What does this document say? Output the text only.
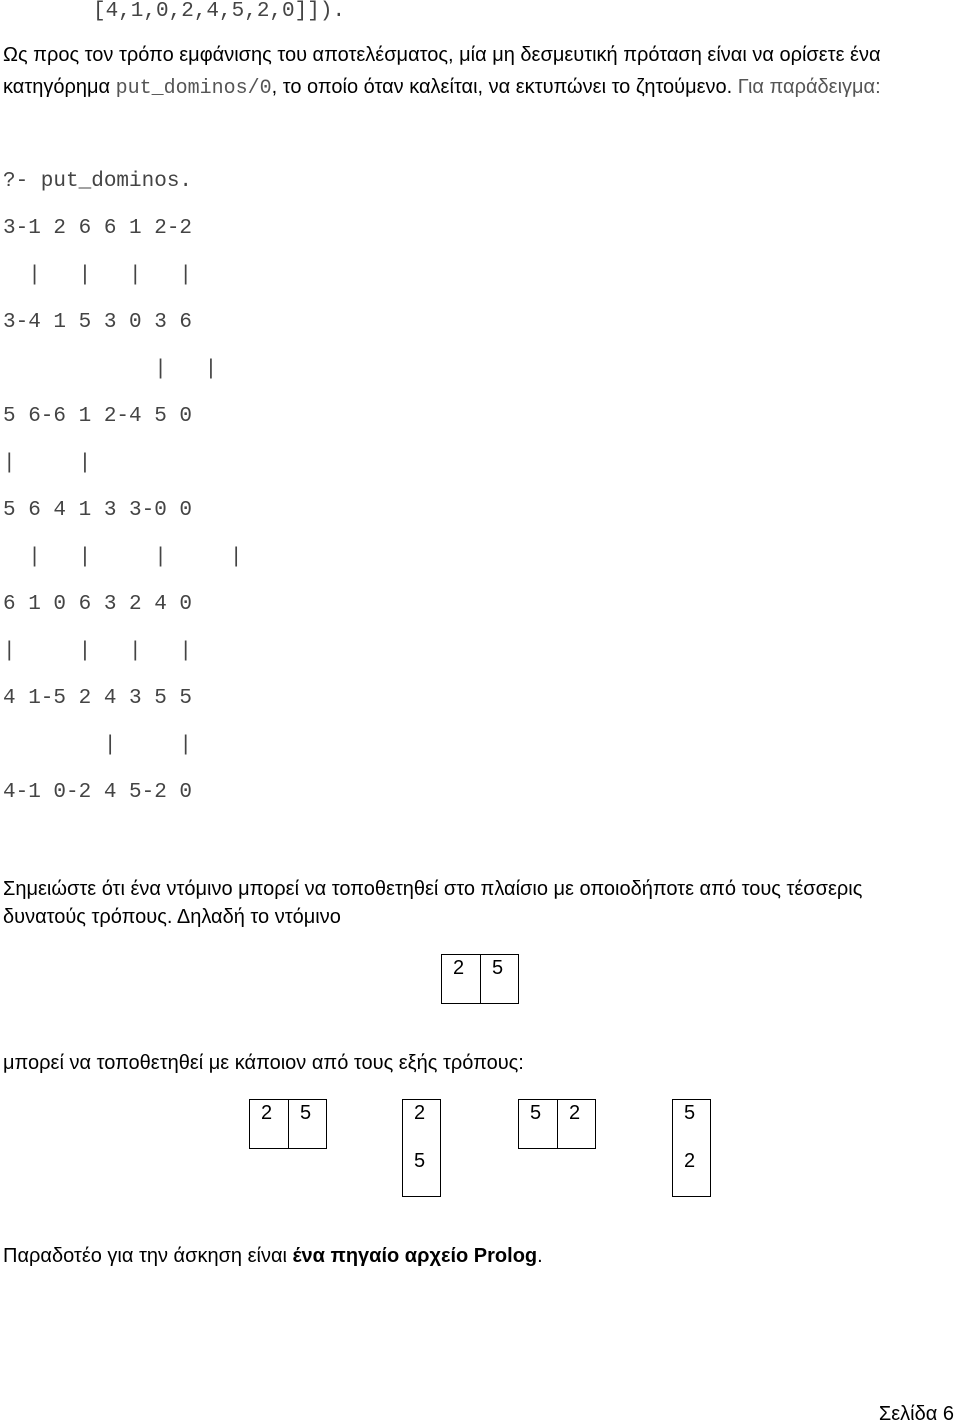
[4,1,0,2,4,5,2,0]]).
Ως προς τον τρόπο εμφάνισης του αποτελέσματος, μία μη δεσμευτική πρόταση είναι να ορίσετε ένα
κατηγόρημα put_dominos/0, το οποίο όταν καλείται, να εκτυπώνει το ζητούμενο. Για παράδειγμα:
?- put_dominos.
3-1 2 6 6 1 2-2
|   |   |   |
3-4 1 5 3 0 3 6
|   |
5 6-6 1 2-4 5 0
|     |
5 6 4 1 3 3-0 0
|   |     |     |
6 1 0 6 3 2 4 0
|     |   |   |
4 1-5 2 4 3 5 5
|     |
4-1 0-2 4 5-2 0
Σημειώστε ότι ένα ντόμινο μπορεί να τοποθετηθεί στο πλαίσιο με οποιοδήποτε από τους τέσσερις
δυνατούς τρόπους. Δηλαδή το ντόμινο
2	5
μπορεί να τοποθετηθεί με κάποιον από τους εξής τρόπους:
2	5	2
5
5	2	5
2
Παραδοτέο για την άσκηση είναι ένα πηγαίο αρχείο Prolog.
Σελίδα 6
